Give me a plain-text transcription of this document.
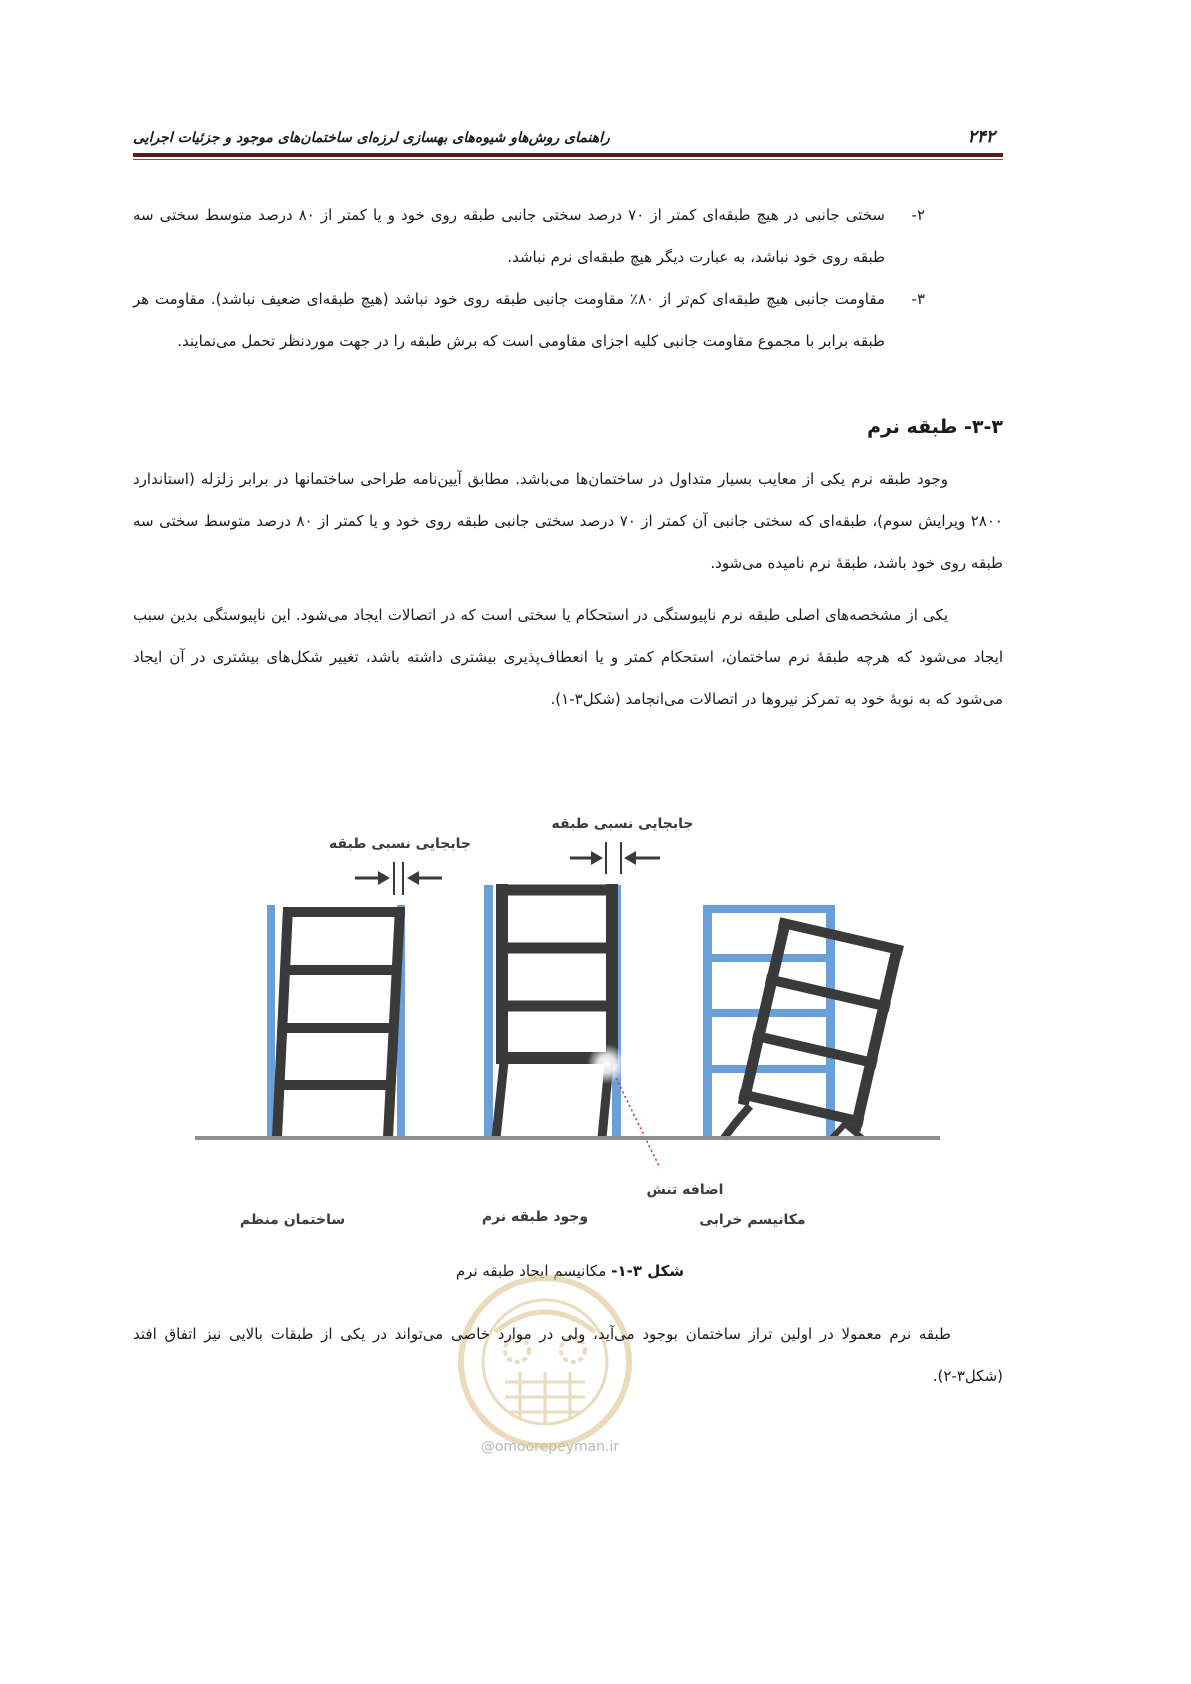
۲۴۲
راهنمای روش‌هاو شیوه‌های بهسازی لرزه‌ای ساختمان‌های موجود و جزئیات اجرایی
۲-
سختی جانبی در هیچ طبقه‌ای کمتر از ۷۰ درصد سختی جانبی طبقه روی خود و یا کمتر از ۸۰ درصد متوسط سختی سه طبقه روی خود نباشد، به عبارت دیگر هیچ طبقه‌ای نرم نباشد.
۳-
مقاومت جانبی هیچ طبقه‌ای کم‌تر از ۸۰٪ مقاومت جانبی طبقه روی خود نباشد (هیچ طبقه‌ای ضعیف نباشد). مقاومت هر طبقه برابر با مجموع مقاومت جانبی کلیه اجزای مقاومی است که برش طبقه را در جهت موردنظر تحمل می‌نمایند.
۳-۳- طبقه نرم

وجود طبقه نرم یکی از معایب بسیار متداول در ساختمان‌ها می‌باشد. مطابق آیین‌نامه طراحی ساختمانها در برابر زلزله (استاندارد ۲۸۰۰ ویرایش سوم)، طبقه‌ای که سختی جانبی آن کمتر از ۷۰ درصد سختی جانبی طبقه روی خود و یا کمتر از ۸۰ درصد متوسط سختی سه طبقه روی خود باشد، طبقهٔ نرم نامیده می‌شود.

یکی از مشخصه‌های اصلی طبقه نرم ناپیوستگی در استحکام یا سختی است که در اتصالات ایجاد می‌شود. این ناپیوستگی بدین سبب ایجاد می‌شود که هرچه طبقهٔ نرم ساختمان، استحکام کمتر و یا انعطاف‌پذیری بیشتری داشته باشد، تغییر شکل‌های بیشتری در آن ایجاد می‌شود که به نوبهٔ خود به تمرکز نیروها در اتصالات می‌انجامد (شکل۳-۱).

جابجایی نسبی طبقه
جابجایی نسبی طبقه
اضافه تنش
ساختمان منظم	وجود طبقه نرم	مکانیسم خرابی
شکل ۳-۱-مکانیسم ایجاد طبقه نرم
@omoorepeyman.ir

طبقه نرم معمولا در اولین تراز ساختمان بوجود می‌آید، ولی در موارد خاصی می‌تواند در یکی از طبقات بالایی نیز اتفاق افتد (شکل۳-۲).
